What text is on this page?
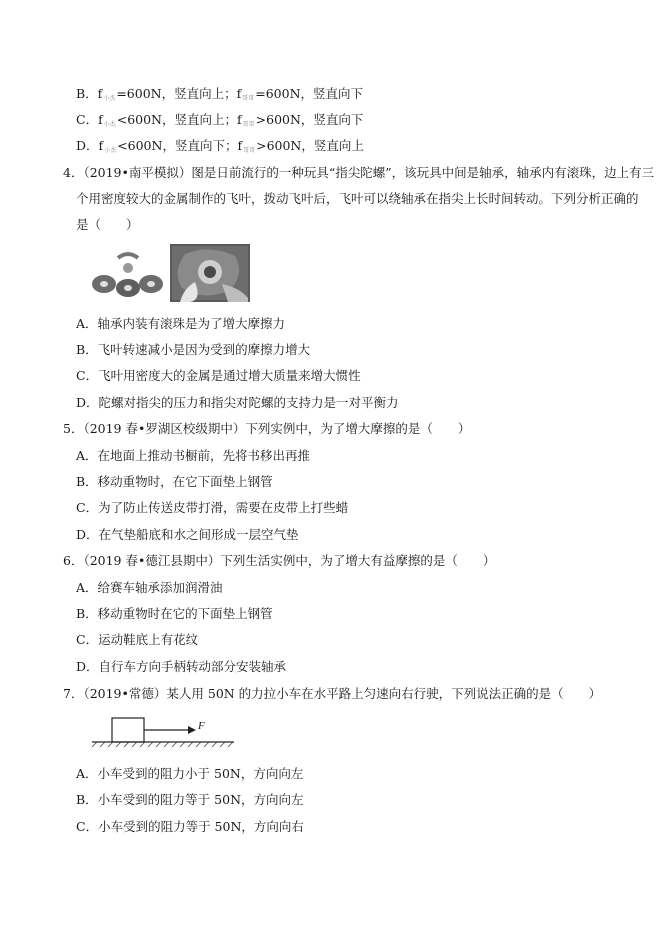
B．$f_{小杰}=600N$，竖直向上；$f_{哥哥}=600N$，竖直向下
C．$f_{小杰}<600N$，竖直向上；$f_{哥哥}>600N$，竖直向下
D．$f_{小杰}<600N$，竖直向下；$f_{哥哥}>600N$，竖直向上
4．（2019•南平模拟）图是日前流行的一种玩具“指尖陀螺”，该玩具中间是轴承，轴承内有滚珠，边上有三
个用密度较大的金属制作的飞叶，拨动飞叶后，飞叶可以绕轴承在指尖上长时间转动。下列分析正确的
是（　　）
A．轴承内装有滚珠是为了增大摩擦力
B．飞叶转速减小是因为受到的摩擦力增大
C．飞叶用密度大的金属是通过增大质量来增大惯性
D．陀螺对指尖的压力和指尖对陀螺的支持力是一对平衡力
5．（2019 春•罗湖区校级期中）下列实例中，为了增大摩擦的是（　　）
A．在地面上推动书橱前，先将书移出再推
B．移动重物时，在它下面垫上钢管
C．为了防止传送皮带打滑，需要在皮带上打些蜡
D．在气垫船底和水之间形成一层空气垫
6．（2019 春•德江县期中）下列生活实例中，为了增大有益摩擦的是（　　）
A．给赛车轴承添加润滑油
B．移动重物时在它的下面垫上钢管
C．运动鞋底上有花纹
D．自行车方向手柄转动部分安装轴承
7．（2019•常德）某人用 50N 的力拉小车在水平路上匀速向右行驶，下列说法正确的是（　　）
F
A．小车受到的阻力小于 50N，方向向左
B．小车受到的阻力等于 50N，方向向左
C．小车受到的阻力等于 50N，方向向右
